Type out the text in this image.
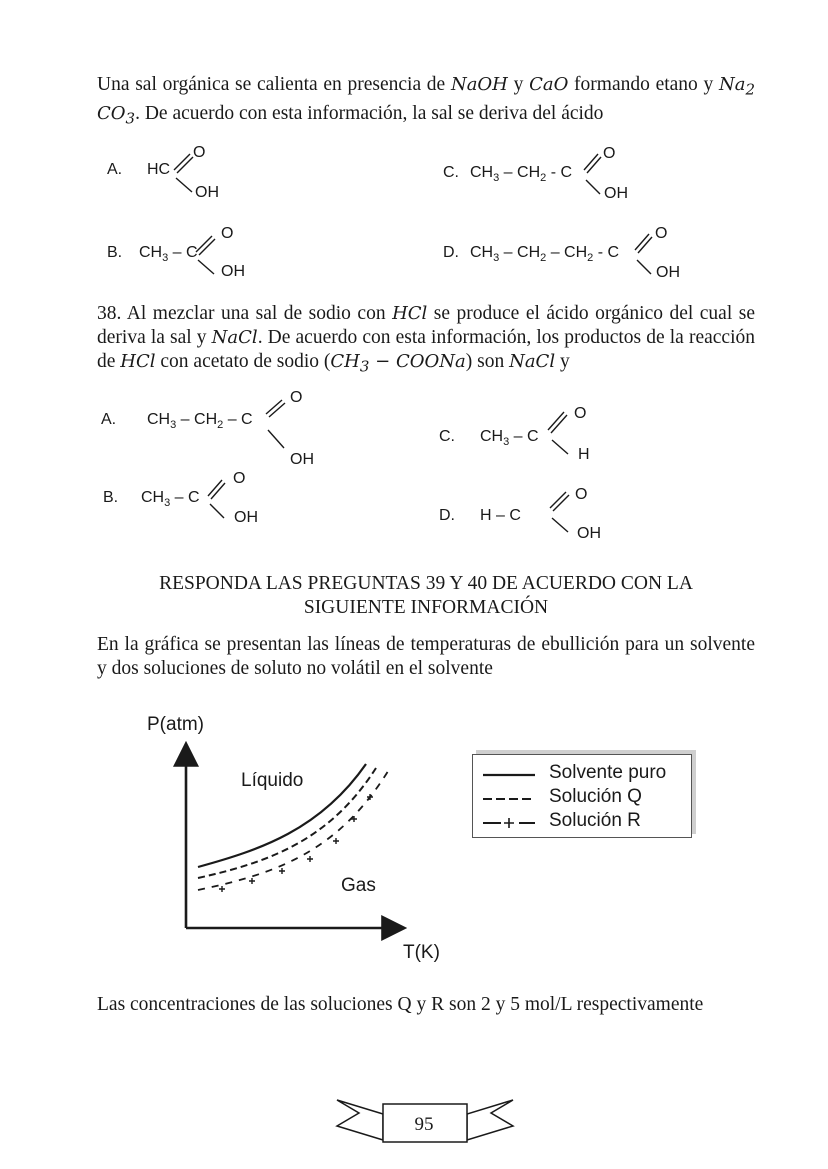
Una sal orgánica se calienta en presencia de NaOH y CaO formando etano y $Na_2$ $CO_3$. De acuerdo con esta información, la sal se deriva del ácido
A. HC
O
OH
B. $CH_3$ – C
O
OH
C. $CH_3 - CH_2$ - C
O
OH
D. $CH_3 - CH_2 - CH_2$ - C
O
OH
38. Al mezclar una sal de sodio con HCl se produce el ácido orgánico del cual se deriva la sal y NaCl. De acuerdo con esta información, los productos de la reacción de HCl con acetato de sodio ($CH_3$ − COONa) son NaCl y
A. $CH_3 - CH_2$ – C
O
OH
B. $CH_3$ – C
O
OH
C. $CH_3$ – C
O
H
D. H – C
O
OH
RESPONDA LAS PREGUNTAS 39 Y 40 DE ACUERDO CON LA
SIGUIENTE INFORMACIÓN
En la gráfica se presentan las líneas de temperaturas de ebullición para un solvente y dos soluciones de soluto no volátil en el solvente
P(atm)
T(K)
Líquido
Gas
Solvente puro
Solución Q
Solución R
Las concentraciones de las soluciones Q y R son 2 y 5 mol/L respectivamente
95
